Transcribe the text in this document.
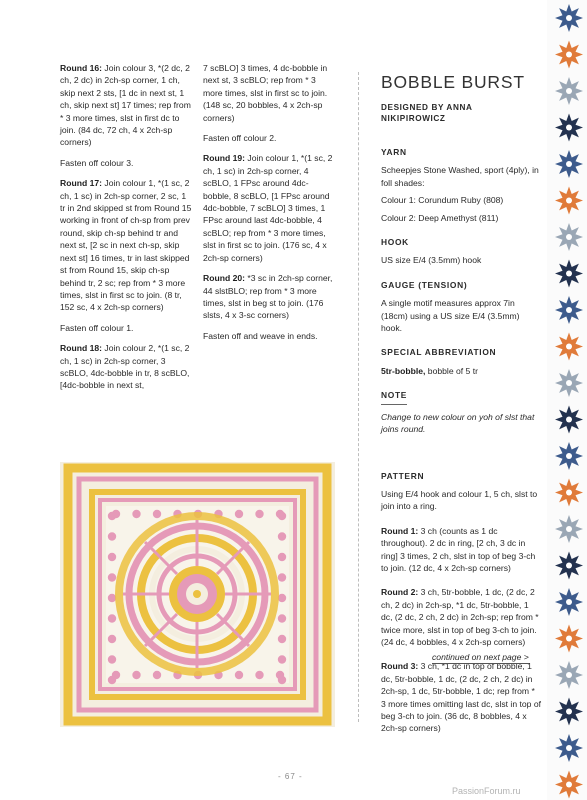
Round 16: Join colour 3, *(2 dc, 2 ch, 2 dc) in 2ch-sp corner, 1 ch, skip next 2 sts, [1 dc in next st, 1 ch, skip next st] 17 times; rep from * 3 more times, slst in first dc to join. (84 dc, 72 ch, 4 x 2ch-sp corners)

Fasten off colour 3.

Round 17: Join colour 1, *(1 sc, 2 ch, 1 sc) in 2ch-sp corner, 2 sc, 1 tr in 2nd skipped st from Round 15 working in front of ch-sp from prev round, skip ch-sp behind tr and next st, [2 sc in next ch-sp, skip next st] 16 times, tr in last skipped st from Round 15, skip ch-sp behind tr, 2 sc; rep from * 3 more times, slst in first sc to join. (8 tr, 152 sc, 4 x 2ch-sp corners)

Fasten off colour 1.

Round 18: Join colour 2, *(1 sc, 2 ch, 1 sc) in 2ch-sp corner, 3 scBLO, 4dc-bobble in tr, 8 scBLO, [4dc-bobble in next st,

7 scBLO] 3 times, 4 dc-bobble in next st, 3 scBLO; rep from * 3 more times, slst in first sc to join. (148 sc, 20 bobbles, 4 x 2ch-sp corners)

Fasten off colour 2.

Round 19: Join colour 1, *(1 sc, 2 ch, 1 sc) in 2ch-sp corner, 4 scBLO, 1 FPsc around 4dc-bobble, 8 scBLO, [1 FPsc around 4dc-bobble, 7 scBLO] 3 times, 1 FPsc around last 4dc-bobble, 4 scBLO; rep from * 3 more times, slst in first sc to join. (176 sc, 4 x 2ch-sp corners)

Round 20: *3 sc in 2ch-sp corner, 44 slstBLO; rep from * 3 more times, slst in beg st to join. (176 slsts, 4 x 3-sc corners)

Fasten off and weave in ends.

BOBBLE BURST
DESIGNED BY ANNA
NIKIPIROWICZ
YARN

Scheepjes Stone Washed, sport (4ply), in foll shades:

Colour 1: Corundum Ruby (808)

Colour 2: Deep Amethyst (811)

HOOK

US size E/4 (3.5mm) hook

GAUGE (TENSION)

A single motif measures approx 7in (18cm) using a US size E/4 (3.5mm) hook.

SPECIAL ABBREVIATION

5tr-bobble, bobble of 5 tr

NOTE

Change to new colour on yoh of slst that joins round.

PATTERN

Using E/4 hook and colour 1, 5 ch, slst to join into a ring.

Round 1: 3 ch (counts as 1 dc throughout). 2 dc in ring, [2 ch, 3 dc in ring] 3 times, 2 ch, slst in top of beg 3-ch to join. (12 dc, 4 x 2ch-sp corners)

Round 2: 3 ch, 5tr-bobble, 1 dc, (2 dc, 2 ch, 2 dc) in 2ch-sp, *1 dc, 5tr-bobble, 1 dc, (2 dc, 2 ch, 2 dc) in 2ch-sp; rep from * twice more, slst in top of beg 3-ch to join. (24 dc, 4 bobbles, 4 x 2ch-sp corners)

Round 3: 3 ch, *1 dc in top of bobble, 1 dc, 5tr-bobble, 1 dc, (2 dc, 2 ch, 2 dc) in 2ch-sp, 1 dc, 5tr-bobble, 1 dc; rep from * 3 more times omitting last dc, slst in top of beg 3-ch to join. (36 dc, 8 bobbles, 4 x 2ch-sp corners)

continued on next page >
- 67 -
PassionForum.ru
